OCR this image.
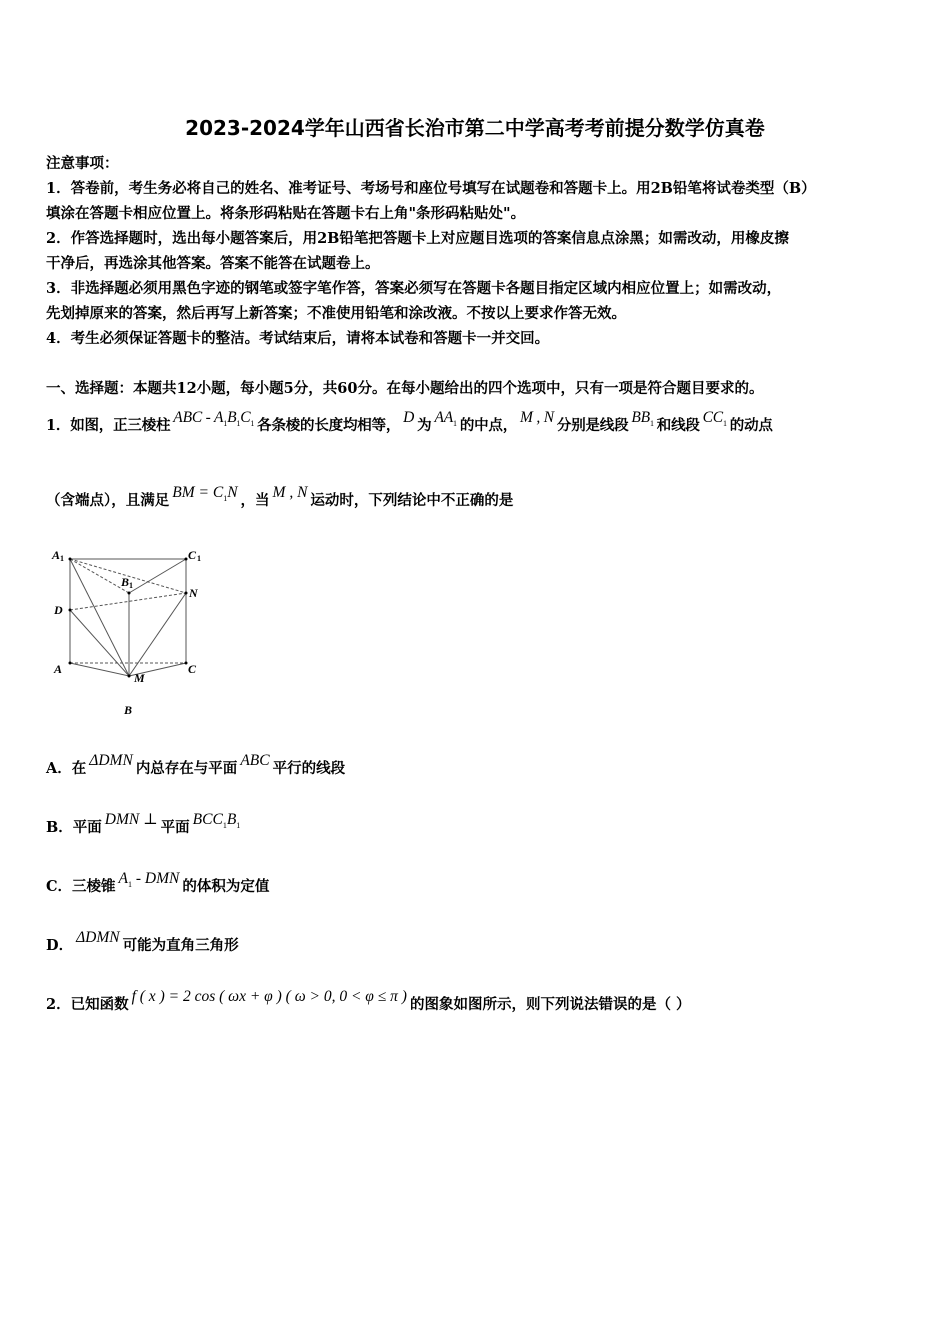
2023-2024学年山西省长治市第二中学高考考前提分数学仿真卷
注意事项：
1．答卷前，考生务必将自己的姓名、准考证号、考场号和座位号填写在试题卷和答题卡上。用2B铅笔将试卷类型（B）
填涂在答题卡相应位置上。将条形码粘贴在答题卡右上角"条形码粘贴处"。
2．作答选择题时，选出每小题答案后，用2B铅笔把答题卡上对应题目选项的答案信息点涂黑；如需改动，用橡皮擦
干净后，再选涂其他答案。答案不能答在试题卷上。
3．非选择题必须用黑色字迹的钢笔或签字笔作答，答案必须写在答题卡各题目指定区域内相应位置上；如需改动，
先划掉原来的答案，然后再写上新答案；不准使用铅笔和涂改液。不按以上要求作答无效。
4．考生必须保证答题卡的整洁。考试结束后，请将本试卷和答题卡一并交回。
一、选择题：本题共12小题，每小题5分，共60分。在每小题给出的四个选项中，只有一项是符合题目要求的。
1．如图，正三棱柱 ABC - $A_1B_1C_1$ 各条棱的长度均相等， D 为 $AA_1$ 的中点， M , N 分别是线段 $BB_1$ 和线段 $CC_1$ 的动点
（含端点），且满足 BM = $C_1N$ ，当 M , N 运动时，下列结论中不正确的是
A 1	C 1
B 1
D
N
A	C
M
B
A．在 ΔDMN 内总存在与平面 ABC 平行的线段
B．平面 DMN ⊥ 平面 $BCC_1B_1$
C．三棱锥 $A_1$ - DMN 的体积为定值
D． ΔDMN 可能为直角三角形
2．已知函数 f ( x ) = 2 cos ( ωx + φ ) ( ω > 0, 0 < φ ≤ π ) 的图象如图所示，则下列说法错误的是（ ）
